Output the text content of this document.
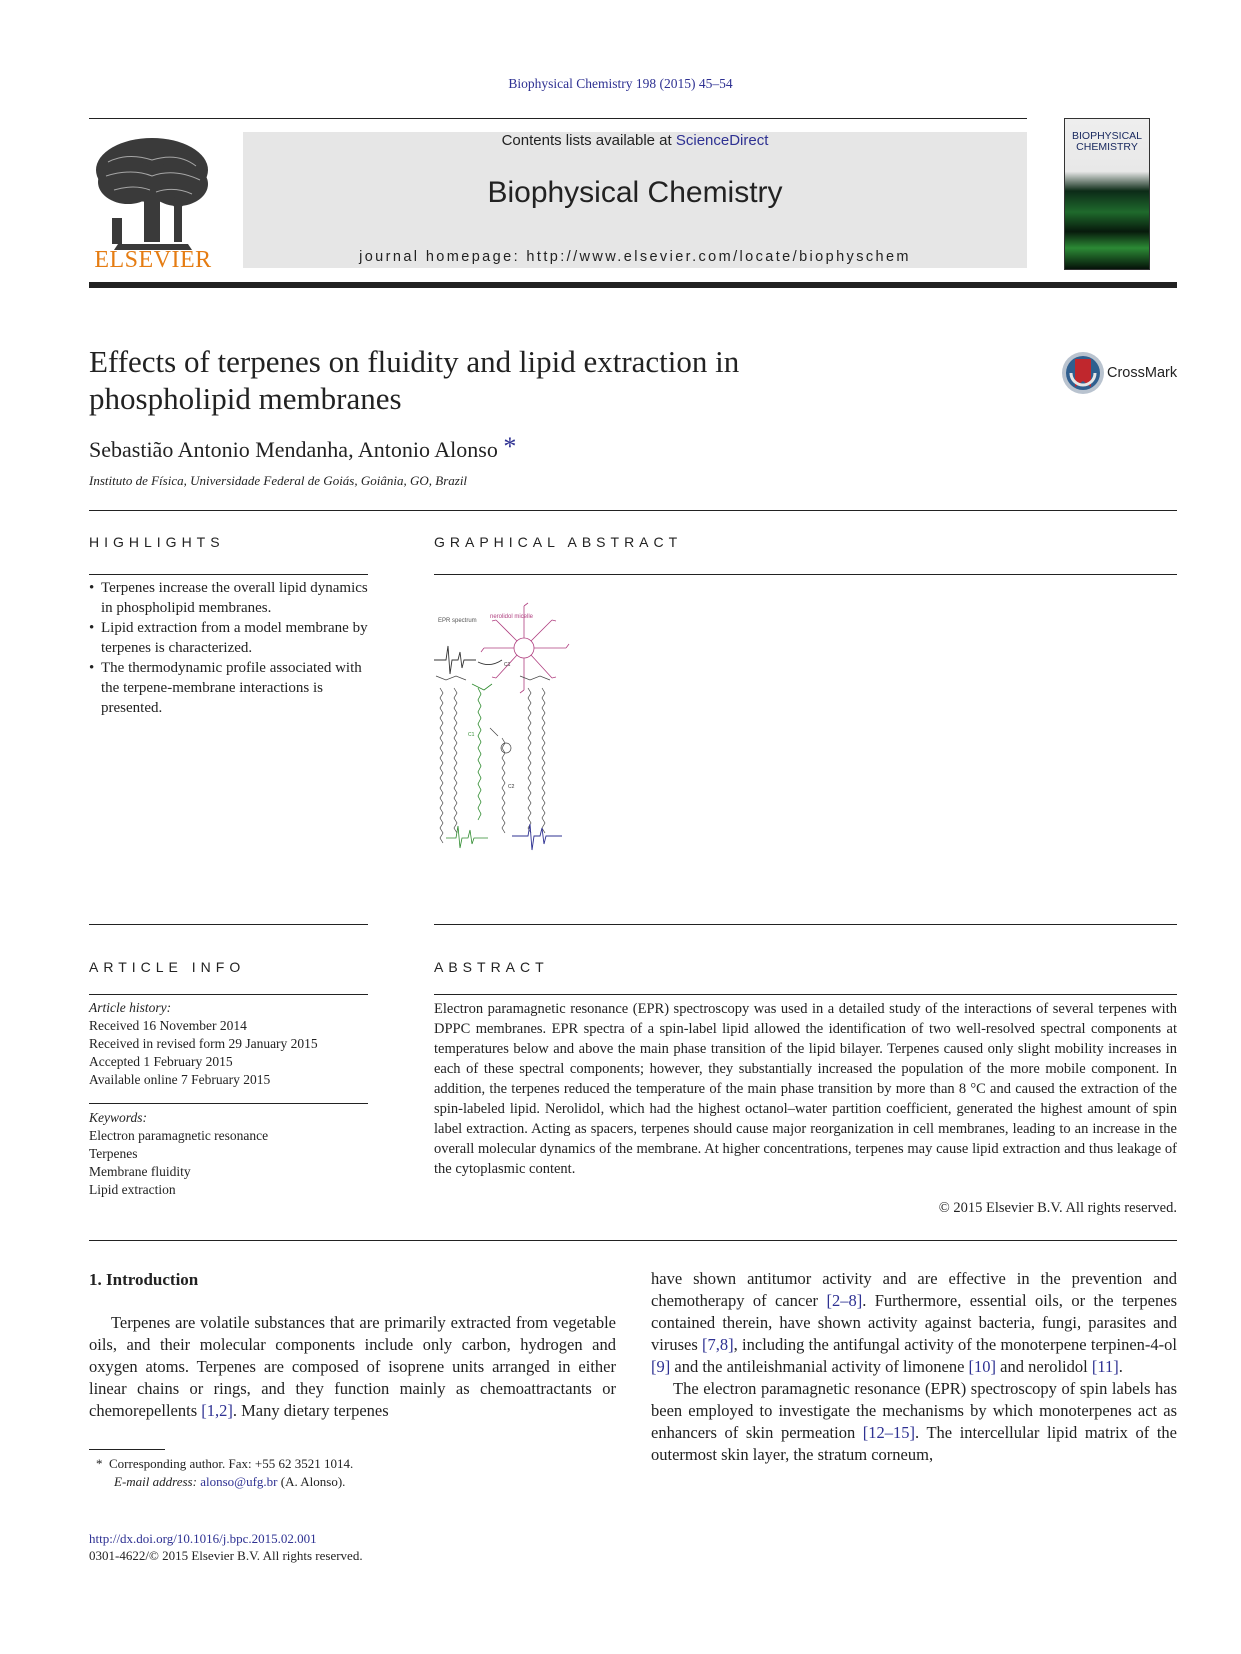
Biophysical Chemistry 198 (2015) 45–54
ELSEVIER
Contents lists available at ScienceDirect
Biophysical Chemistry
journal homepage: http://www.elsevier.com/locate/biophyschem
BIOPHYSICAL CHEMISTRY
Effects of terpenes on fluidity and lipid extraction in phospholipid membranes
CrossMark
Sebastião Antonio Mendanha, Antonio Alonso *
Instituto de Física, Universidade Federal de Goiás, Goiânia, GO, Brazil
HIGHLIGHTS
• Terpenes increase the overall lipid dynamics in phospholipid membranes.
• Lipid extraction from a model membrane by terpenes is characterized.
• The thermodynamic profile associated with the terpene-membrane interactions is presented.
GRAPHICAL ABSTRACT
nerolidol micelle
EPR spectrum
C1
C1
C2
ARTICLE INFO
Article history:
Received 16 November 2014
Received in revised form 29 January 2015
Accepted 1 February 2015
Available online 7 February 2015
Keywords:
Electron paramagnetic resonance
Terpenes
Membrane fluidity
Lipid extraction
ABSTRACT
Electron paramagnetic resonance (EPR) spectroscopy was used in a detailed study of the interactions of several terpenes with DPPC membranes. EPR spectra of a spin-label lipid allowed the identification of two well-resolved spectral components at temperatures below and above the main phase transition of the lipid bilayer. Terpenes caused only slight mobility increases in each of these spectral components; however, they substantially increased the population of the more mobile component. In addition, the terpenes reduced the temperature of the main phase transition by more than 8 °C and caused the extraction of the spin-labeled lipid. Nerolidol, which had the highest octanol–water partition coefficient, generated the highest amount of spin label extraction. Acting as spacers, terpenes should cause major reorganization in cell membranes, leading to an increase in the overall molecular dynamics of the membrane. At higher concentrations, terpenes may cause lipid extraction and thus leakage of the cytoplasmic content.
© 2015 Elsevier B.V. All rights reserved.
1. Introduction
Terpenes are volatile substances that are primarily extracted from vegetable oils, and their molecular components include only carbon, hydrogen and oxygen atoms. Terpenes are composed of isoprene units arranged in either linear chains or rings, and they function mainly as chemoattractants or chemorepellents [1,2]. Many dietary terpenes

have shown antitumor activity and are effective in the prevention and chemotherapy of cancer [2–8]. Furthermore, essential oils, or the terpenes contained therein, have shown activity against bacteria, fungi, parasites and viruses [7,8], including the antifungal activity of the monoterpene terpinen-4-ol [9] and the antileishmanial activity of limonene [10] and nerolidol [11].

The electron paramagnetic resonance (EPR) spectroscopy of spin labels has been employed to investigate the mechanisms by which monoterpenes act as enhancers of skin permeation [12–15]. The intercellular lipid matrix of the outermost skin layer, the stratum corneum,

* Corresponding author. Fax: +55 62 3521 1014.
E-mail address: alonso@ufg.br (A. Alonso).
http://dx.doi.org/10.1016/j.bpc.2015.02.001
0301-4622/© 2015 Elsevier B.V. All rights reserved.
